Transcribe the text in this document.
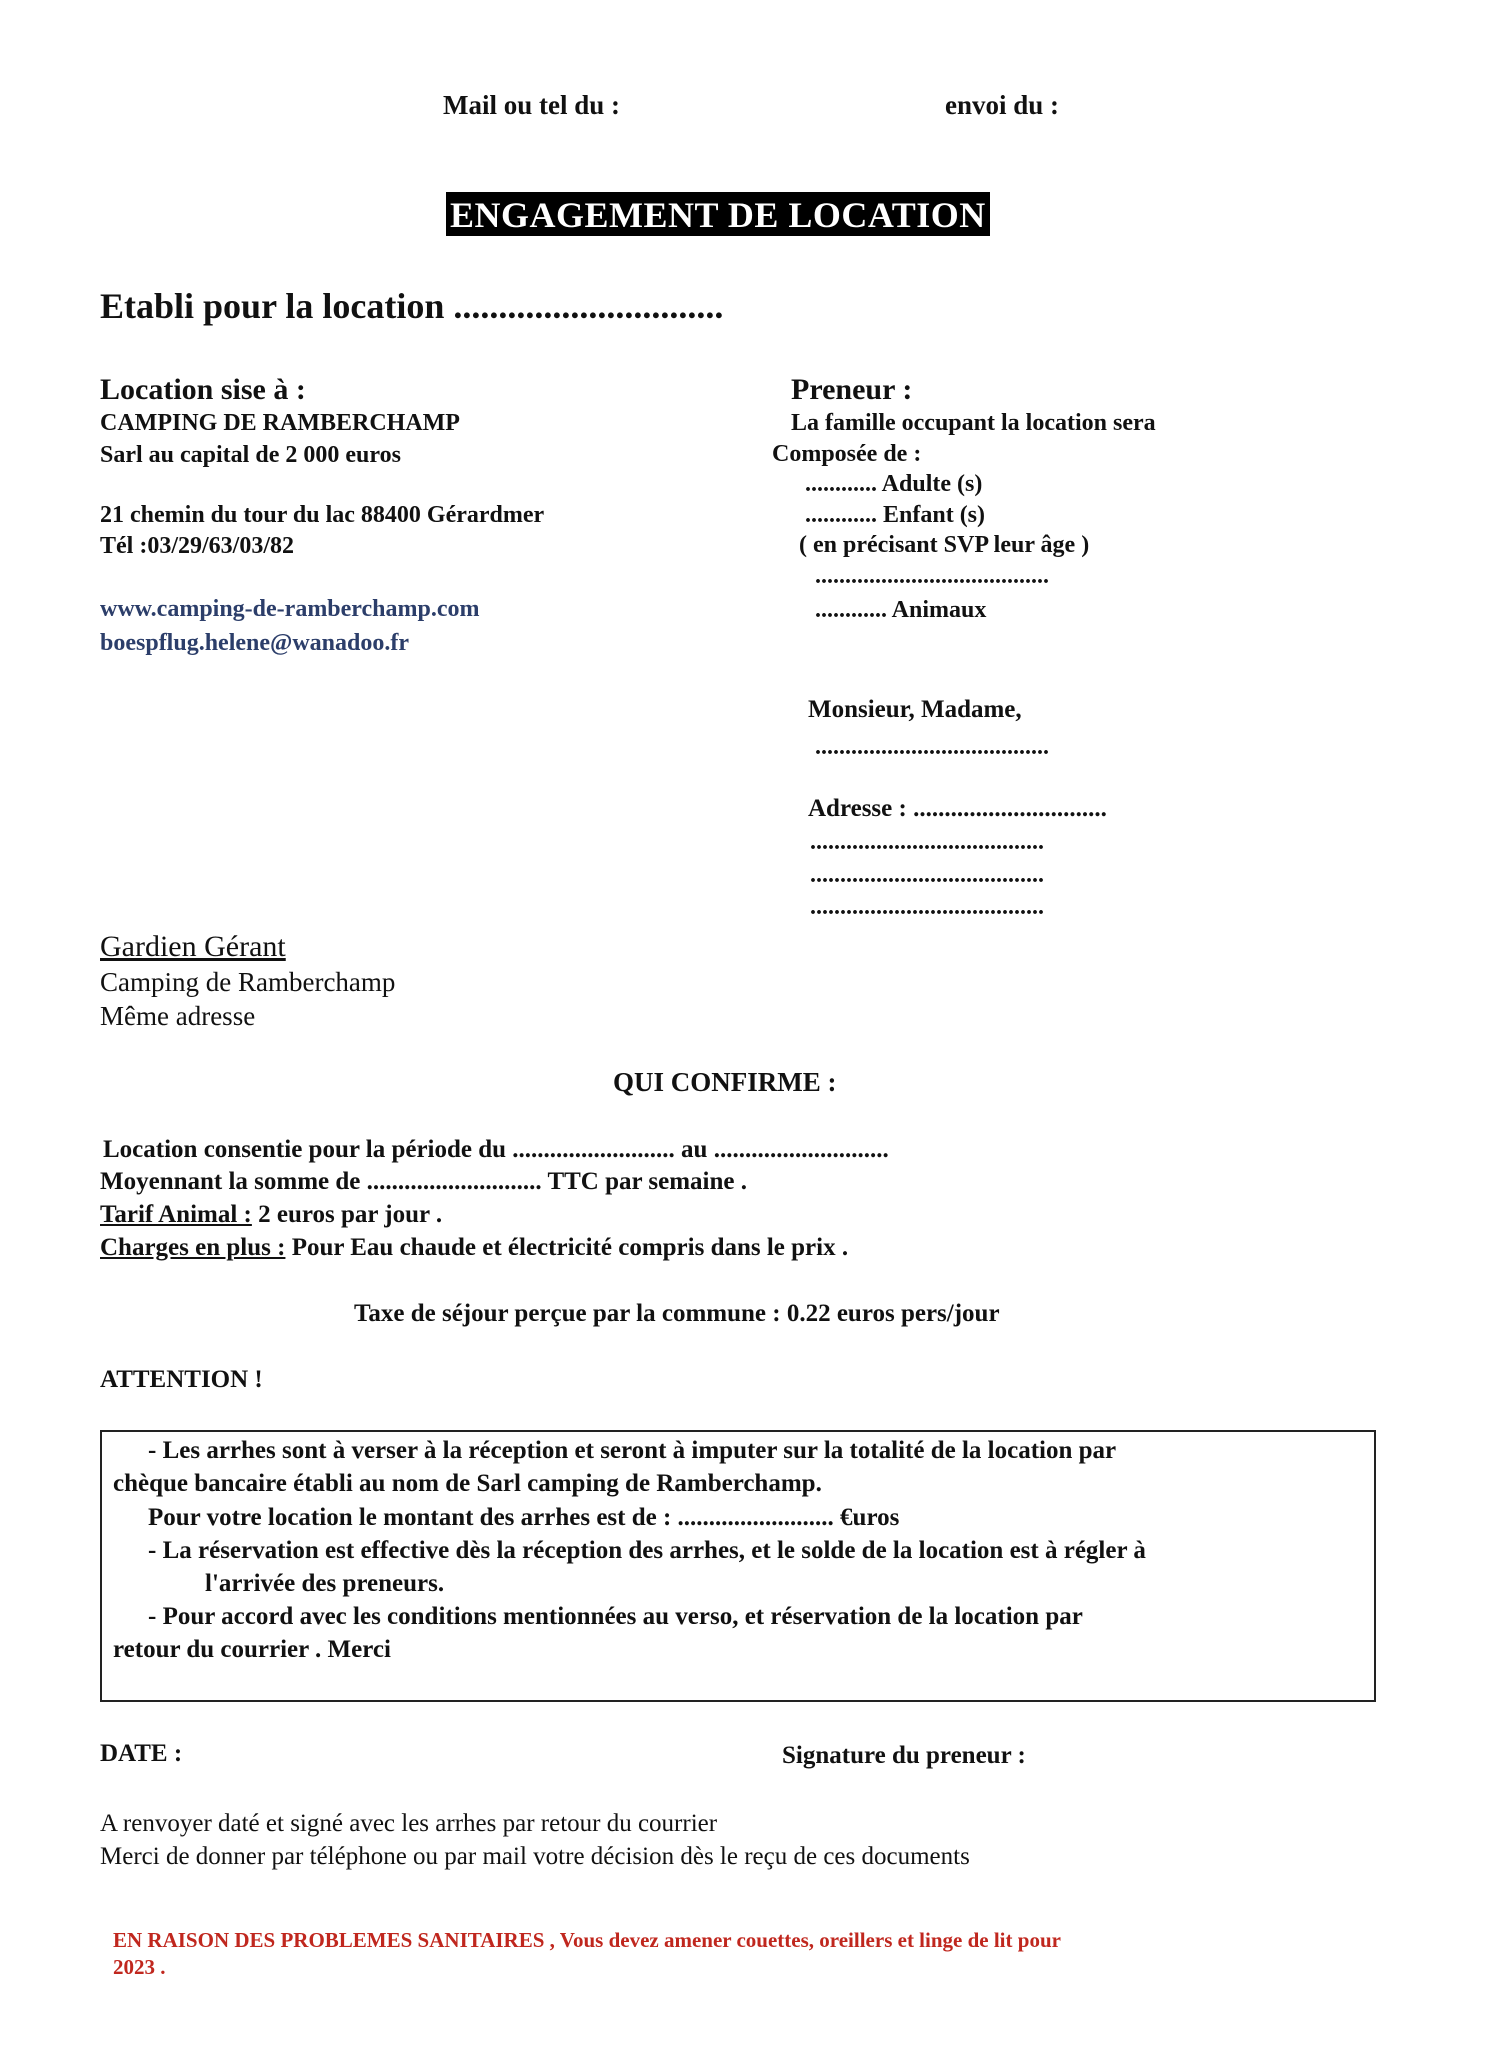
Mail ou tel du :	envoi du :
ENGAGEMENT DE LOCATION
Etabli pour la location ..............................
Location sise à :
CAMPING DE RAMBERCHAMP
Sarl au capital de 2 000 euros
21 chemin du tour du lac 88400 Gérardmer
Tél :03/29/63/03/82
www.camping-de-ramberchamp.com
boespflug.helene@wanadoo.fr
Preneur :
La famille occupant la location sera
Composée de :
............ Adulte (s)
............ Enfant (s)
( en précisant SVP leur âge )
.......................................
............ Animaux
Monsieur, Madame,
.......................................
Adresse : ...............................
.......................................
.......................................
.......................................
Gardien Gérant
Camping de Ramberchamp
Même adresse
QUI CONFIRME :
Location consentie pour la période du .......................... au ............................
Moyennant la somme de ............................ TTC par semaine .
Tarif Animal : 2 euros par jour .
Charges en plus : Pour Eau chaude et électricité compris dans le prix .
Taxe de séjour perçue par la commune : 0.22 euros pers/jour
ATTENTION !
- Les arrhes sont à verser à la réception et seront à imputer sur la totalité de la location par
chèque bancaire établi au nom de Sarl camping de Ramberchamp.
Pour votre location le montant des arrhes est de : ......................... €uros
- La réservation est effective dès la réception des arrhes, et le solde de la location est à régler à
l'arrivée des preneurs.
- Pour accord avec les conditions mentionnées au verso, et réservation de la location par
retour du courrier . Merci
DATE :	Signature du preneur :
A renvoyer daté et signé avec les arrhes par retour du courrier
Merci de donner par téléphone ou par mail votre décision dès le reçu de ces documents
EN RAISON DES PROBLEMES SANITAIRES , Vous devez amener couettes, oreillers et linge de lit pour
2023 .
